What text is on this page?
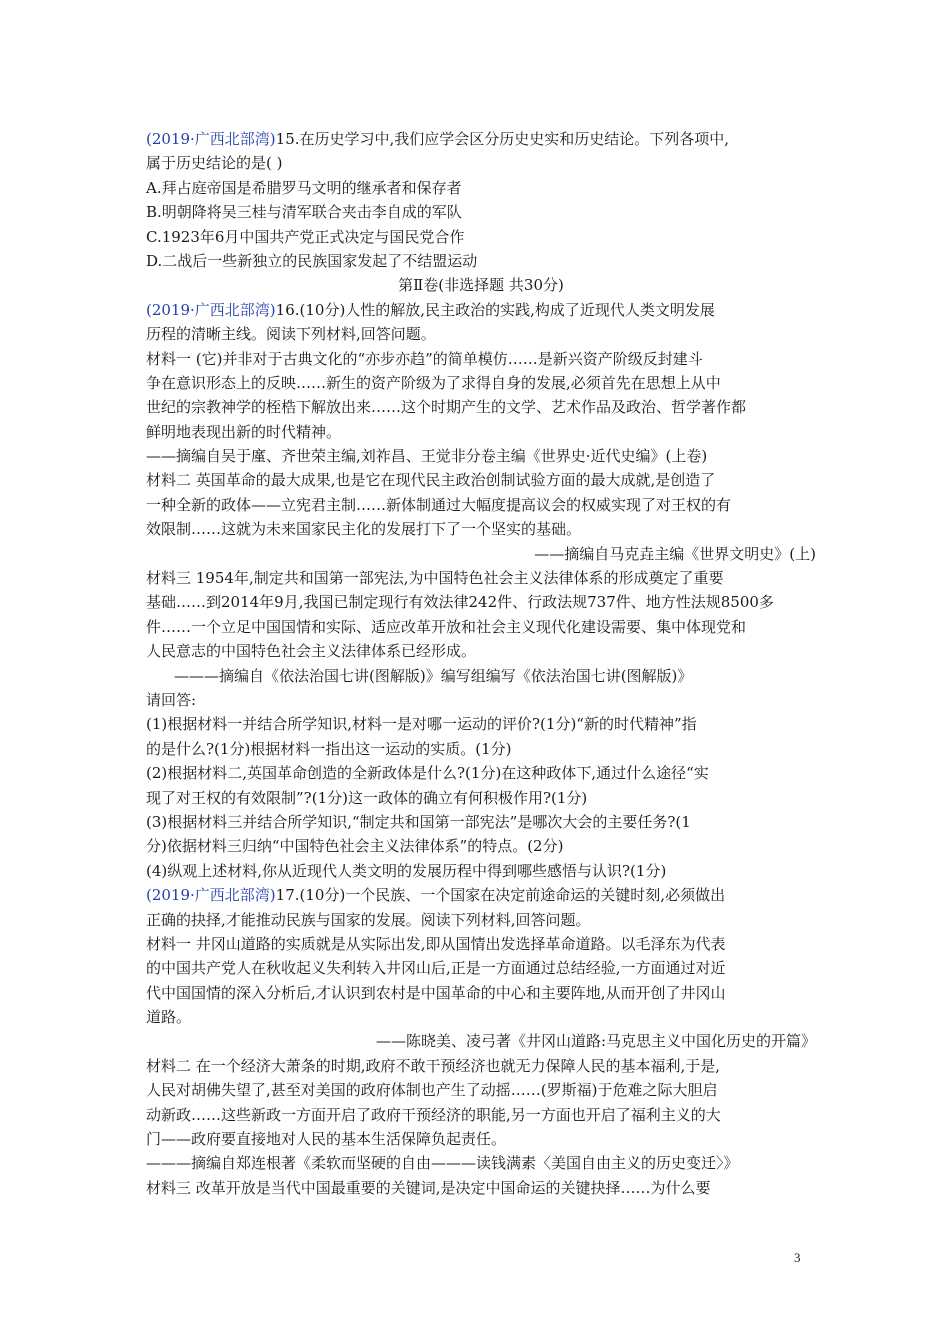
(2019·广西北部湾)15.在历史学习中,我们应学会区分历史史实和历史结论。下列各项中,
属于历史结论的是( )
A.拜占庭帝国是希腊罗马文明的继承者和保存者
B.明朝降将吴三桂与清军联合夹击李自成的军队
C.1923年6月中国共产党正式决定与国民党合作
D.二战后一些新独立的民族国家发起了不结盟运动
第Ⅱ卷(非选择题 共30分)
(2019·广西北部湾)16.(10分)人性的解放,民主政治的实践,构成了近现代人类文明发展
历程的清晰主线。阅读下列材料,回答问题。
材料一 (它)并非对于古典文化的“亦步亦趋”的简单模仿……是新兴资产阶级反封建斗
争在意识形态上的反映……新生的资产阶级为了求得自身的发展,必须首先在思想上从中
世纪的宗教神学的桎梏下解放出来……这个时期产生的文学、艺术作品及政治、哲学著作都
鲜明地表现出新的时代精神。
——摘编自吴于廑、齐世荣主编,刘祚昌、王觉非分卷主编《世界史·近代史编》(上卷)
材料二 英国革命的最大成果,也是它在现代民主政治创制试验方面的最大成就,是创造了
一种全新的政体——立宪君主制……新体制通过大幅度提高议会的权威实现了对王权的有
效限制……这就为未来国家民主化的发展打下了一个坚实的基础。
——摘编自马克垚主编《世界文明史》(上)
材料三 1954年,制定共和国第一部宪法,为中国特色社会主义法律体系的形成奠定了重要
基础……到2014年9月,我国已制定现行有效法律242件、行政法规737件、地方性法规8500多
件……一个立足中国国情和实际、适应改革开放和社会主义现代化建设需要、集中体现党和
人民意志的中国特色社会主义法律体系已经形成。
———摘编自《依法治国七讲(图解版)》编写组编写《依法治国七讲(图解版)》
请回答:
(1)根据材料一并结合所学知识,材料一是对哪一运动的评价?(1分)“新的时代精神”指
的是什么?(1分)根据材料一指出这一运动的实质。(1分)
(2)根据材料二,英国革命创造的全新政体是什么?(1分)在这种政体下,通过什么途径“实
现了对王权的有效限制”?(1分)这一政体的确立有何积极作用?(1分)
(3)根据材料三并结合所学知识,“制定共和国第一部宪法”是哪次大会的主要任务?(1
分)依据材料三归纳“中国特色社会主义法律体系”的特点。(2分)
(4)纵观上述材料,你从近现代人类文明的发展历程中得到哪些感悟与认识?(1分)
(2019·广西北部湾)17.(10分)一个民族、一个国家在决定前途命运的关键时刻,必须做出
正确的抉择,才能推动民族与国家的发展。阅读下列材料,回答问题。
材料一 井冈山道路的实质就是从实际出发,即从国情出发选择革命道路。以毛泽东为代表
的中国共产党人在秋收起义失利转入井冈山后,正是一方面通过总结经验,一方面通过对近
代中国国情的深入分析后,才认识到农村是中国革命的中心和主要阵地,从而开创了井冈山
道路。
——陈晓美、凌弓著《井冈山道路:马克思主义中国化历史的开篇》
材料二 在一个经济大萧条的时期,政府不敢干预经济也就无力保障人民的基本福利,于是,
人民对胡佛失望了,甚至对美国的政府体制也产生了动摇……(罗斯福)于危难之际大胆启
动新政……这些新政一方面开启了政府干预经济的职能,另一方面也开启了福利主义的大
门——政府要直接地对人民的基本生活保障负起责任。
———摘编自郑连根著《柔软而坚硬的自由———读钱满素〈美国自由主义的历史变迁〉》
材料三 改革开放是当代中国最重要的关键词,是决定中国命运的关键抉择……为什么要
3
